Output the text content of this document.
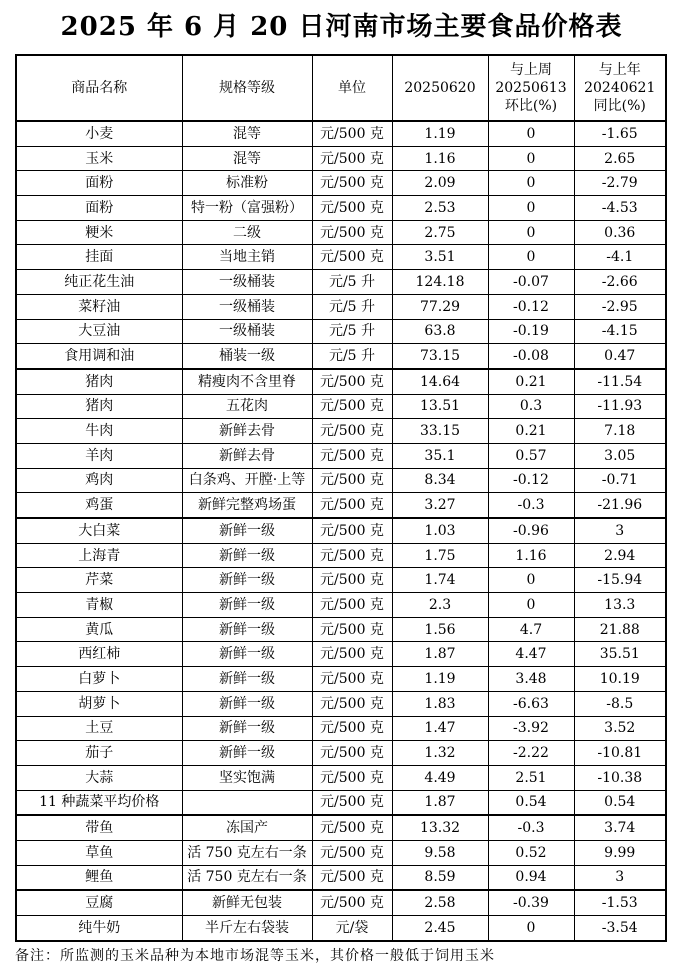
2025 年 6 月 20 日河南市场主要食品价格表
商品名称	规格等级	单位	20250620	与上周
20250613
环比(%)	与上年
20240621
同比(%)
小麦	混等	元/500 克	1.19	0	-1.65
玉米	混等	元/500 克	1.16	0	2.65
面粉	标准粉	元/500 克	2.09	0	-2.79
面粉	特一粉（富强粉）	元/500 克	2.53	0	-4.53
粳米	二级	元/500 克	2.75	0	0.36
挂面	当地主销	元/500 克	3.51	0	-4.1
纯正花生油	一级桶装	元/5 升	124.18	-0.07	-2.66
菜籽油	一级桶装	元/5 升	77.29	-0.12	-2.95
大豆油	一级桶装	元/5 升	63.8	-0.19	-4.15
食用调和油	桶装一级	元/5 升	73.15	-0.08	0.47
猪肉	精瘦肉不含里脊	元/500 克	14.64	0.21	-11.54
猪肉	五花肉	元/500 克	13.51	0.3	-11.93
牛肉	新鲜去骨	元/500 克	33.15	0.21	7.18
羊肉	新鲜去骨	元/500 克	35.1	0.57	3.05
鸡肉	白条鸡、开膛·上等	元/500 克	8.34	-0.12	-0.71
鸡蛋	新鲜完整鸡场蛋	元/500 克	3.27	-0.3	-21.96
大白菜	新鲜一级	元/500 克	1.03	-0.96	3
上海青	新鲜一级	元/500 克	1.75	1.16	2.94
芹菜	新鲜一级	元/500 克	1.74	0	-15.94
青椒	新鲜一级	元/500 克	2.3	0	13.3
黄瓜	新鲜一级	元/500 克	1.56	4.7	21.88
西红柿	新鲜一级	元/500 克	1.87	4.47	35.51
白萝卜	新鲜一级	元/500 克	1.19	3.48	10.19
胡萝卜	新鲜一级	元/500 克	1.83	-6.63	-8.5
土豆	新鲜一级	元/500 克	1.47	-3.92	3.52
茄子	新鲜一级	元/500 克	1.32	-2.22	-10.81
大蒜	坚实饱满	元/500 克	4.49	2.51	-10.38
11 种蔬菜平均价格		元/500 克	1.87	0.54	0.54
带鱼	冻国产	元/500 克	13.32	-0.3	3.74
草鱼	活 750 克左右一条	元/500 克	9.58	0.52	9.99
鲤鱼	活 750 克左右一条	元/500 克	8.59	0.94	3
豆腐	新鲜无包装	元/500 克	2.58	-0.39	-1.53
纯牛奶	半斤左右袋装	元/袋	2.45	0	-3.54
备注：所监测的玉米品种为本地市场混等玉米，其价格一般低于饲用玉米
